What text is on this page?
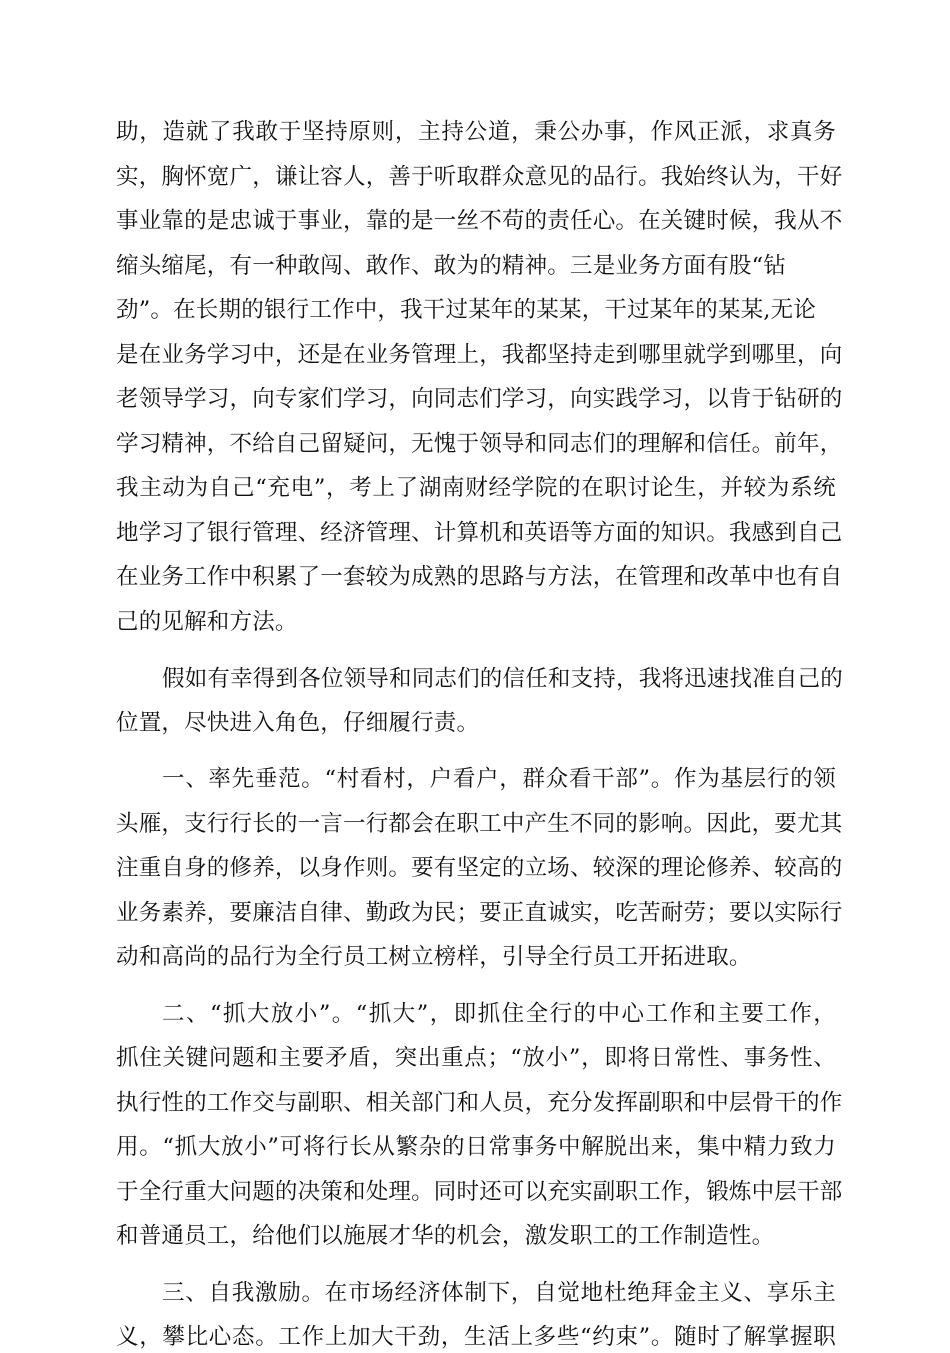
助，造就了我敢于坚持原则，主持公道，秉公办事，作风正派，求真务
实，胸怀宽广，谦让容人，善于听取群众意见的品行。我始终认为，干好
事业靠的是忠诚于事业，靠的是一丝不苟的责任心。在关键时候，我从不
缩头缩尾，有一种敢闯、敢作、敢为的精神。三是业务方面有股“钻
劲”。在长期的银行工作中，我干过某年的某某，干过某年的某某,无论
是在业务学习中，还是在业务管理上，我都坚持走到哪里就学到哪里，向
老领导学习，向专家们学习，向同志们学习，向实践学习，以肯于钻研的
学习精神，不给自己留疑问，无愧于领导和同志们的理解和信任。前年，
我主动为自己“充电”，考上了湖南财经学院的在职讨论生，并较为系统
地学习了银行管理、经济管理、计算机和英语等方面的知识。我感到自己
在业务工作中积累了一套较为成熟的思路与方法，在管理和改革中也有自
己的见解和方法。
假如有幸得到各位领导和同志们的信任和支持，我将迅速找准自己的
位置，尽快进入角色，仔细履行责。
一、率先垂范。“村看村，户看户，群众看干部”。作为基层行的领
头雁，支行行长的一言一行都会在职工中产生不同的影响。因此，要尤其
注重自身的修养，以身作则。要有坚定的立场、较深的理论修养、较高的
业务素养，要廉洁自律、勤政为民；要正直诚实，吃苦耐劳；要以实际行
动和高尚的品行为全行员工树立榜样，引导全行员工开拓进取。
二、“抓大放小”。“抓大”，即抓住全行的中心工作和主要工作，
抓住关键问题和主要矛盾，突出重点；“放小”，即将日常性、事务性、
执行性的工作交与副职、相关部门和人员，充分发挥副职和中层骨干的作
用。“抓大放小”可将行长从繁杂的日常事务中解脱出来，集中精力致力
于全行重大问题的决策和处理。同时还可以充实副职工作，锻炼中层干部
和普通员工，给他们以施展才华的机会，激发职工的工作制造性。
三、自我激励。在市场经济体制下，自觉地杜绝拜金主义、享乐主
义，攀比心态。工作上加大干劲，生活上多些“约束”。随时了解掌握职
